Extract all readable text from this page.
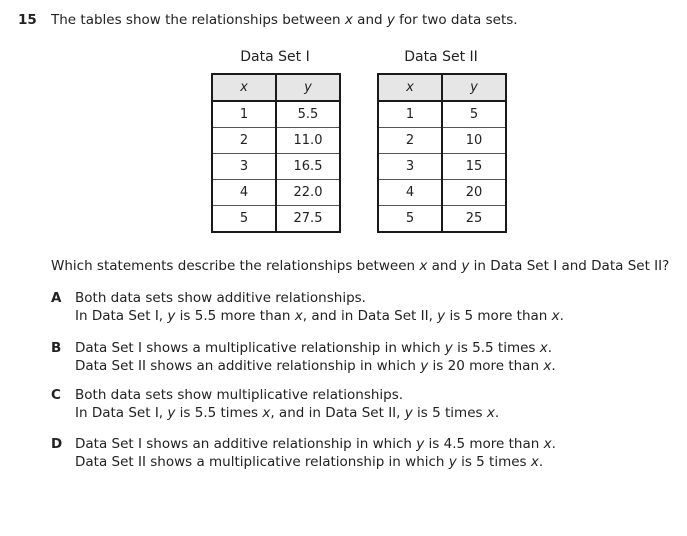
15 The tables show the relationships between x and y for two data sets.
Data Set I	Data Set II
x	y
1	5.5
2	11.0
3	16.5
4	22.0
5	27.5
x	y
1	5
2	10
3	15
4	20
5	25
Which statements describe the relationships between x and y in Data Set I and Data Set II?
A Both data sets show additive relationships.
In Data Set I, y is 5.5 more than x, and in Data Set II, y is 5 more than x.
B Data Set I shows a multiplicative relationship in which y is 5.5 times x.
Data Set II shows an additive relationship in which y is 20 more than x.
C Both data sets show multiplicative relationships.
In Data Set I, y is 5.5 times x, and in Data Set II, y is 5 times x.
D Data Set I shows an additive relationship in which y is 4.5 more than x.
Data Set II shows a multiplicative relationship in which y is 5 times x.
